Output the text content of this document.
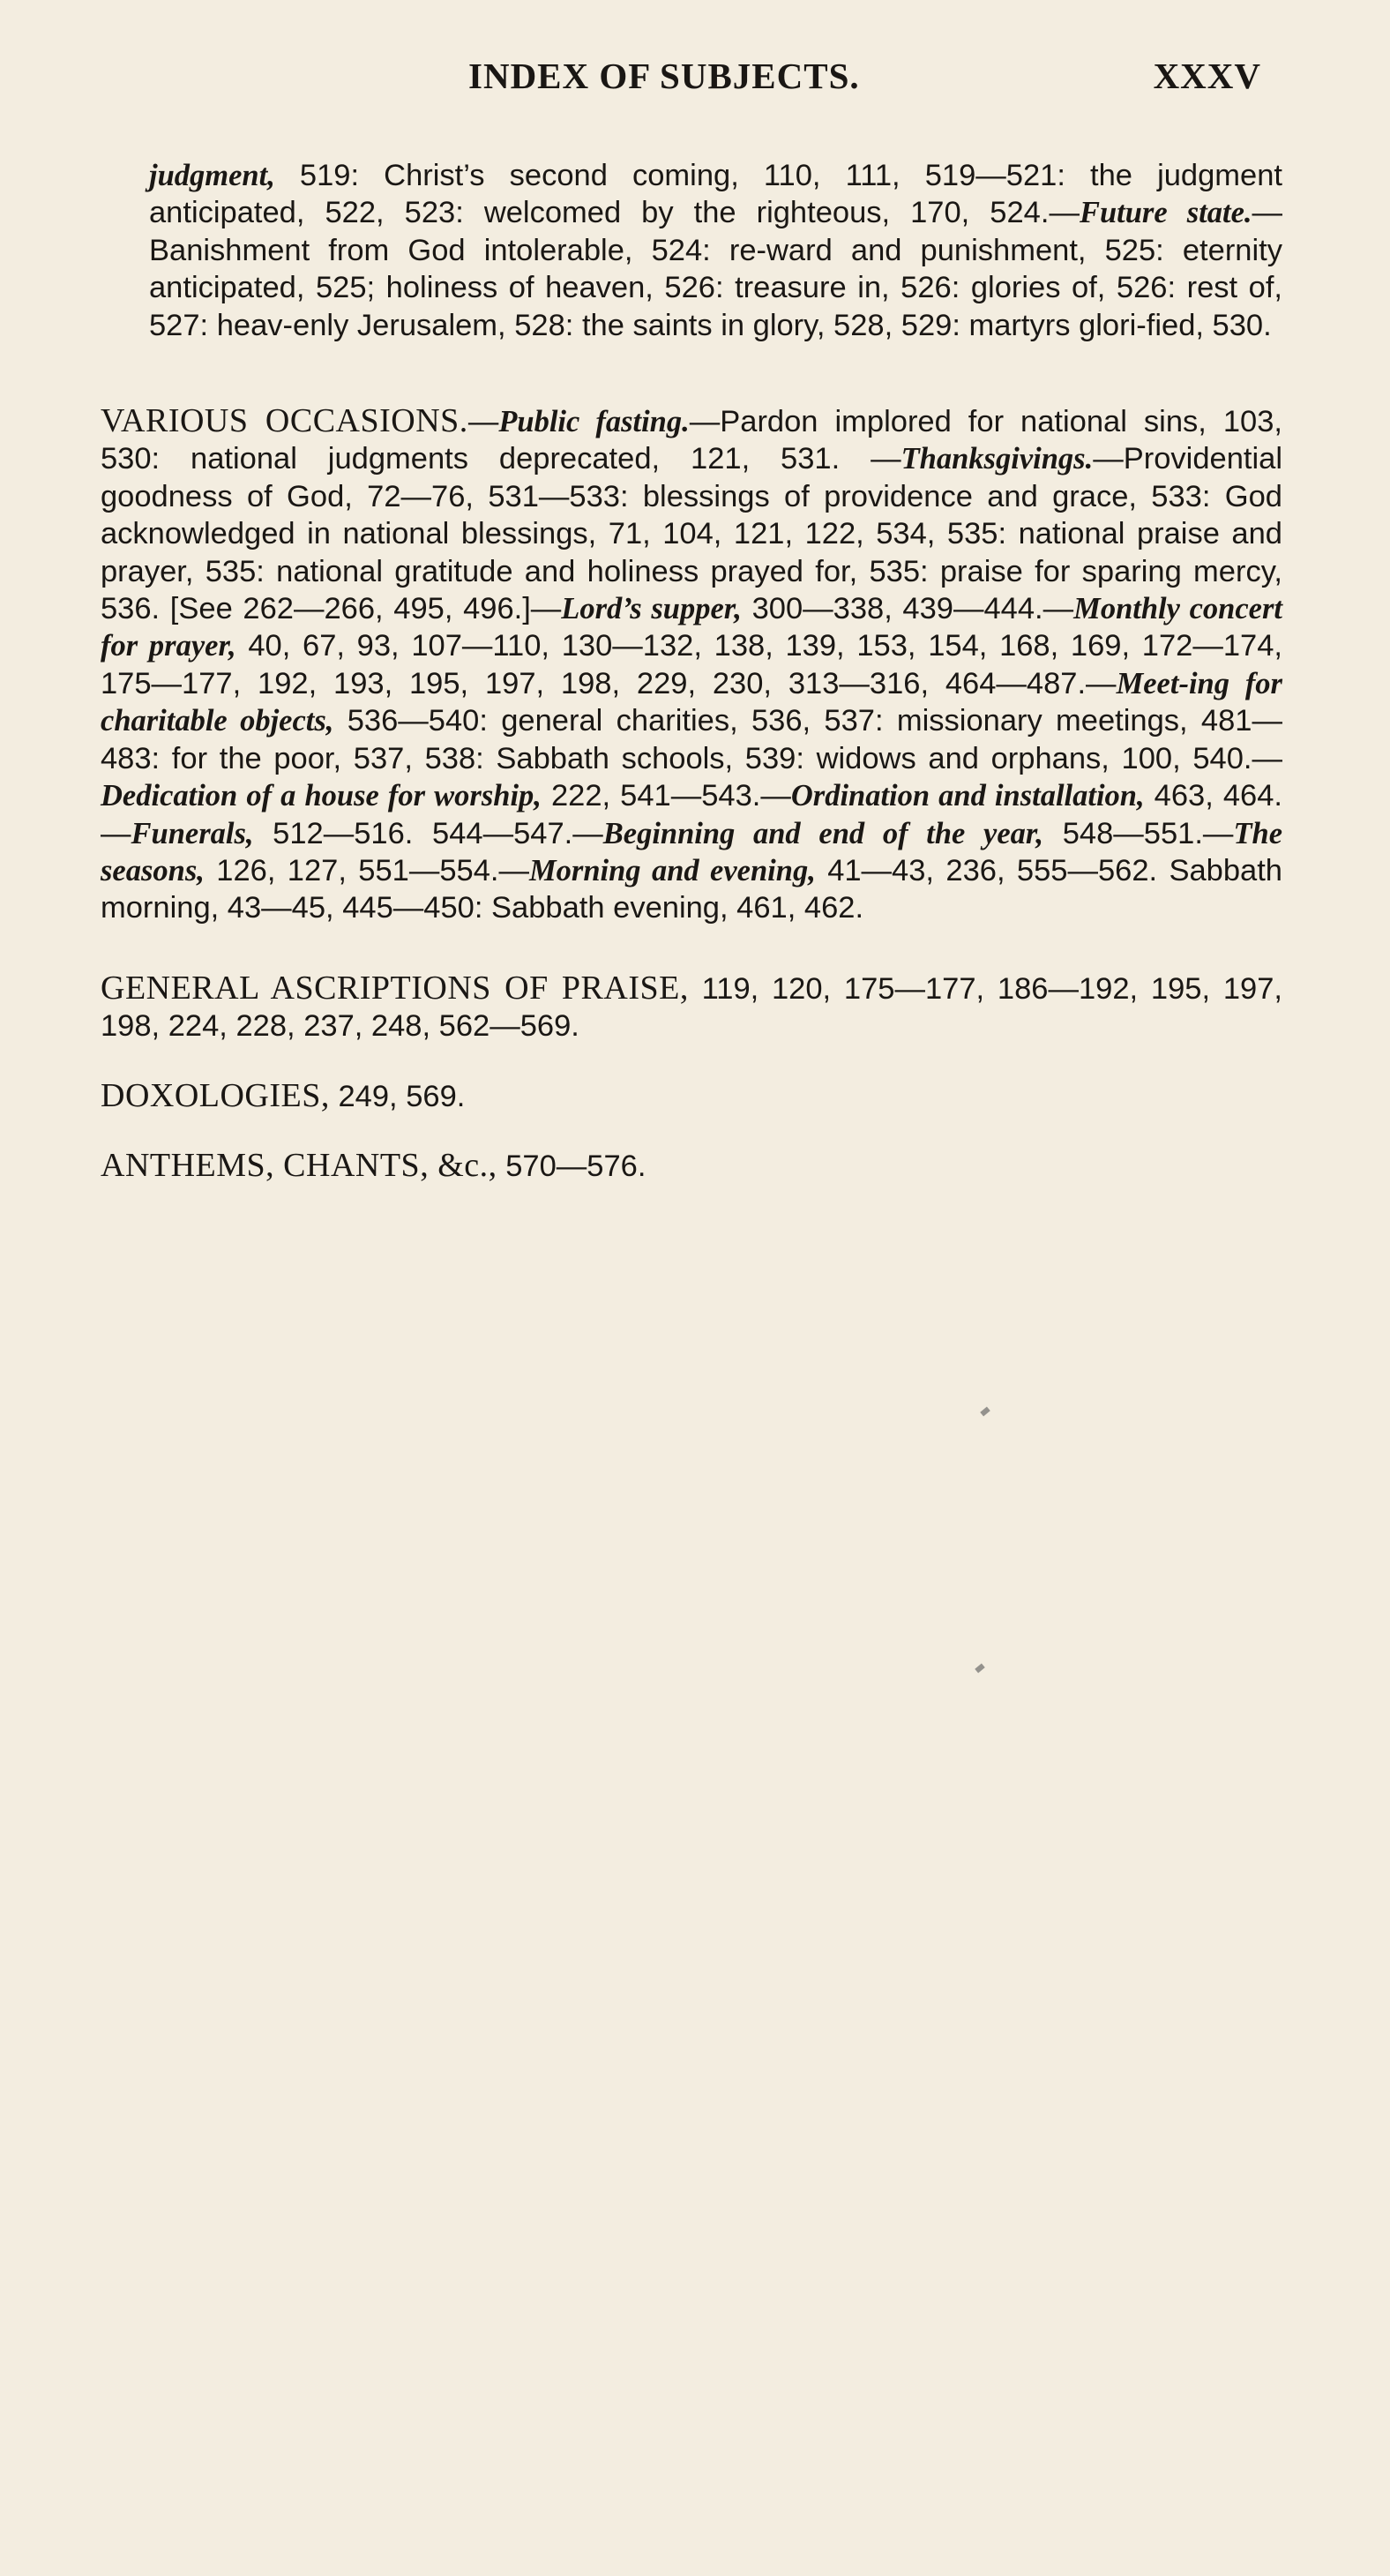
INDEX OF SUBJECTS.	XXXV

judgment, 519: Christ’s second coming, 110, 111, 519—521: the judgment anticipated, 522, 523: welcomed by the righteous, 170, 524.—Future state.—Banishment from God intolerable, 524: re-ward and punishment, 525: eternity anticipated, 525; holiness of heaven, 526: treasure in, 526: glories of, 526: rest of, 527: heav-enly Jerusalem, 528: the saints in glory, 528, 529: martyrs glori-fied, 530.

VARIOUS OCCASIONS.—Public fasting.—Pardon implored for national sins, 103, 530: national judgments deprecated, 121, 531. —Thanksgivings.—Providential goodness of God, 72—76, 531—533: blessings of providence and grace, 533: God acknowledged in national blessings, 71, 104, 121, 122, 534, 535: national praise and prayer, 535: national gratitude and holiness prayed for, 535: praise for sparing mercy, 536. [See 262—266, 495, 496.]—Lord’s supper, 300—338, 439—444.—Monthly concert for prayer, 40, 67, 93, 107—110, 130—132, 138, 139, 153, 154, 168, 169, 172—174, 175—177, 192, 193, 195, 197, 198, 229, 230, 313—316, 464—487.—Meet-ing for charitable objects, 536—540: general charities, 536, 537: missionary meetings, 481—483: for the poor, 537, 538: Sabbath schools, 539: widows and orphans, 100, 540.—Dedication of a house for worship, 222, 541—543.—Ordination and installation, 463, 464.—Funerals, 512—516. 544—547.—Beginning and end of the year, 548—551.—The seasons, 126, 127, 551—554.—Morning and evening, 41—43, 236, 555—562. Sabbath morning, 43—45, 445—450: Sabbath evening, 461, 462.

GENERAL ASCRIPTIONS OF PRAISE, 119, 120, 175—177, 186—192, 195, 197, 198, 224, 228, 237, 248, 562—569.

DOXOLOGIES, 249, 569.

ANTHEMS, CHANTS, &c., 570—576.
